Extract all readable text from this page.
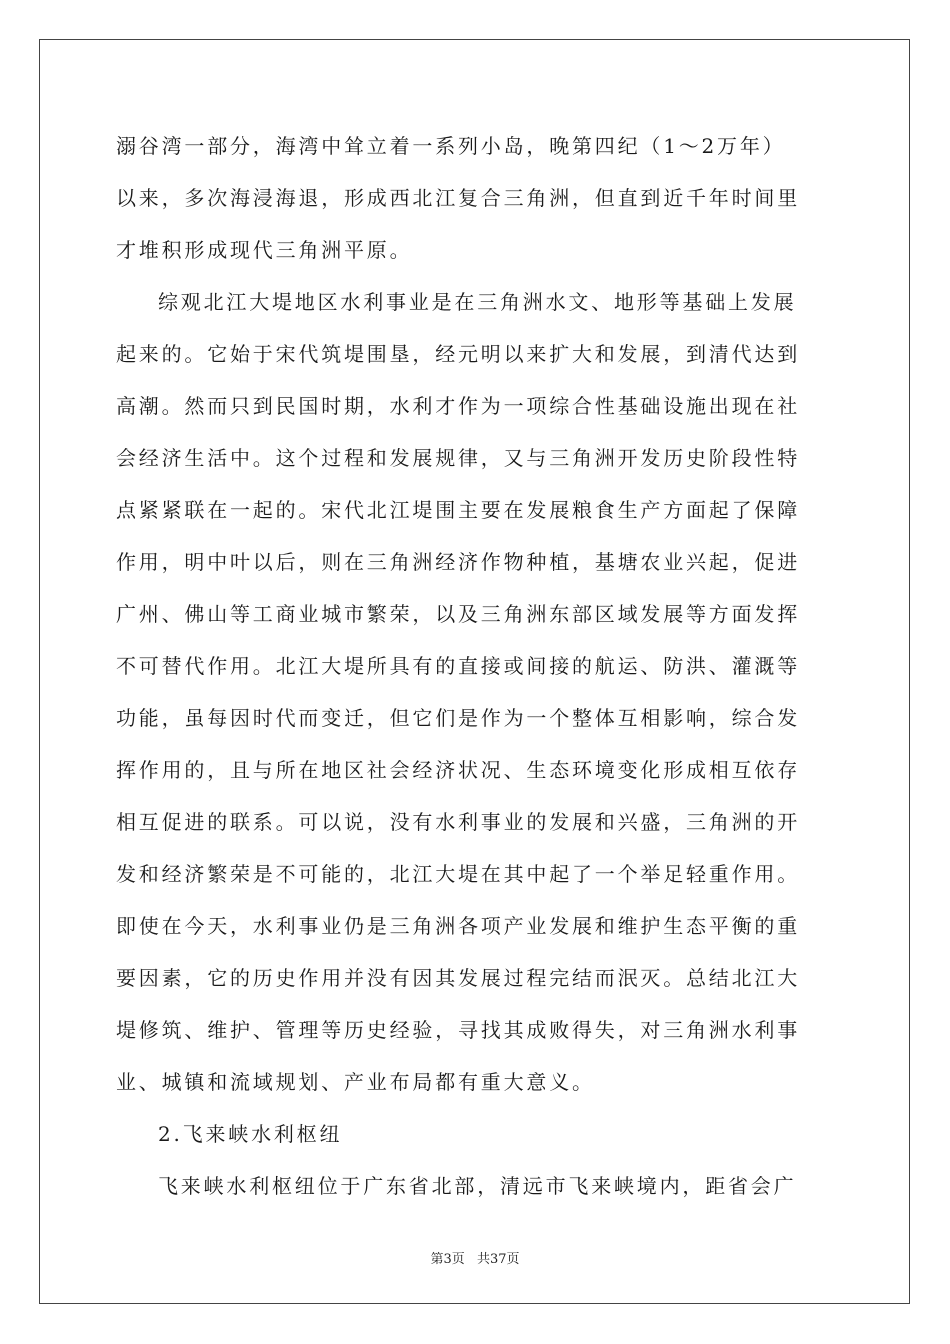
溺谷湾一部分，海湾中耸立着一系列小岛，晚第四纪（1～2万年）
以来，多次海浸海退，形成西北江复合三角洲，但直到近千年时间里
才堆积形成现代三角洲平原。
综观北江大堤地区水利事业是在三角洲水文、地形等基础上发展
起来的。它始于宋代筑堤围垦，经元明以来扩大和发展，到清代达到
高潮。然而只到民国时期，水利才作为一项综合性基础设施出现在社
会经济生活中。这个过程和发展规律，又与三角洲开发历史阶段性特
点紧紧联在一起的。宋代北江堤围主要在发展粮食生产方面起了保障
作用，明中叶以后，则在三角洲经济作物种植，基塘农业兴起，促进
广州、佛山等工商业城市繁荣，以及三角洲东部区域发展等方面发挥
不可替代作用。北江大堤所具有的直接或间接的航运、防洪、灌溉等
功能，虽每因时代而变迁，但它们是作为一个整体互相影响，综合发
挥作用的，且与所在地区社会经济状况、生态环境变化形成相互依存
相互促进的联系。可以说，没有水利事业的发展和兴盛，三角洲的开
发和经济繁荣是不可能的，北江大堤在其中起了一个举足轻重作用。
即使在今天，水利事业仍是三角洲各项产业发展和维护生态平衡的重
要因素，它的历史作用并没有因其发展过程完结而泯灭。总结北江大
堤修筑、维护、管理等历史经验，寻找其成败得失，对三角洲水利事
业、城镇和流域规划、产业布局都有重大意义。
2.飞来峡水利枢纽
飞来峡水利枢纽位于广东省北部，清远市飞来峡境内，距省会广
第3页 共37页
